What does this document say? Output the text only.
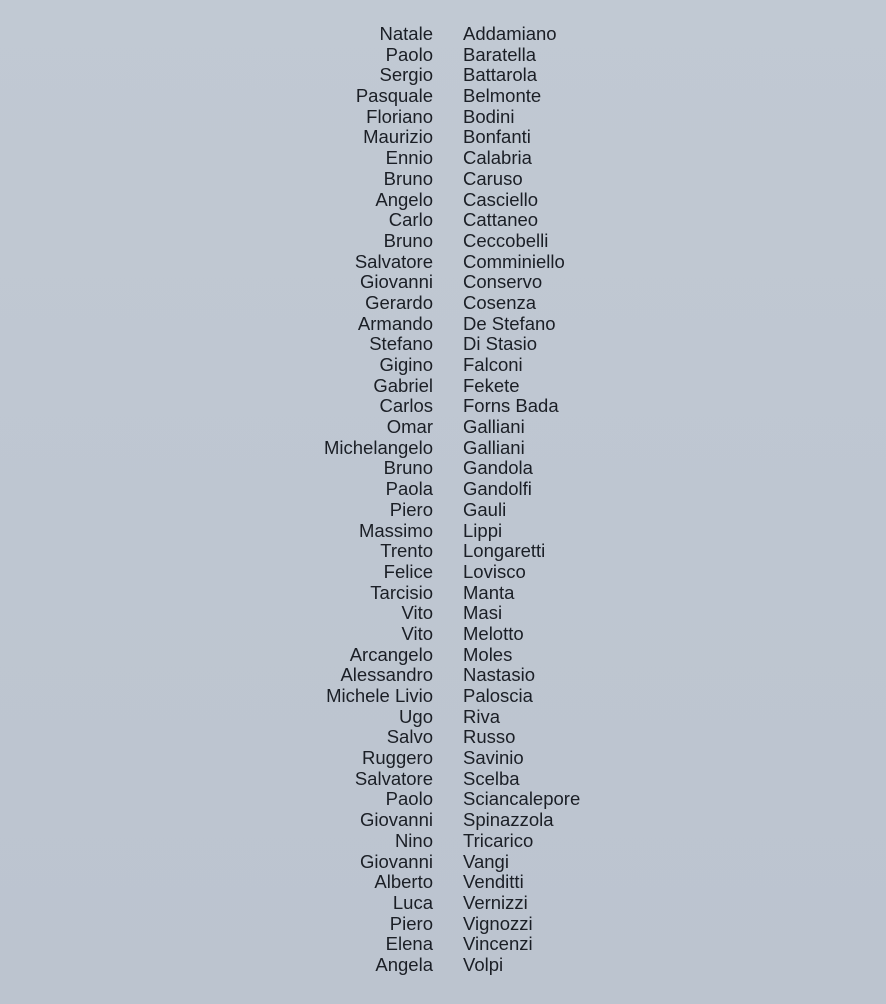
Natale Addamiano
Paolo Baratella
Sergio Battarola
Pasquale Belmonte
Floriano Bodini
Maurizio Bonfanti
Ennio Calabria
Bruno Caruso
Angelo Casciello
Carlo Cattaneo
Bruno Ceccobelli
Salvatore Comminiello
Giovanni Conservo
Gerardo Cosenza
Armando De Stefano
Stefano Di Stasio
Gigino Falconi
Gabriel Fekete
Carlos Forns Bada
Omar Galliani
Michelangelo Galliani
Bruno Gandola
Paola Gandolfi
Piero Gauli
Massimo Lippi
Trento Longaretti
Felice Lovisco
Tarcisio Manta
Vito Masi
Vito Melotto
Arcangelo Moles
Alessandro Nastasio
Michele Livio Paloscia
Ugo Riva
Salvo Russo
Ruggero Savinio
Salvatore Scelba
Paolo Sciancalepore
Giovanni Spinazzola
Nino Tricarico
Giovanni Vangi
Alberto Venditti
Luca Vernizzi
Piero Vignozzi
Elena Vincenzi
Angela Volpi
